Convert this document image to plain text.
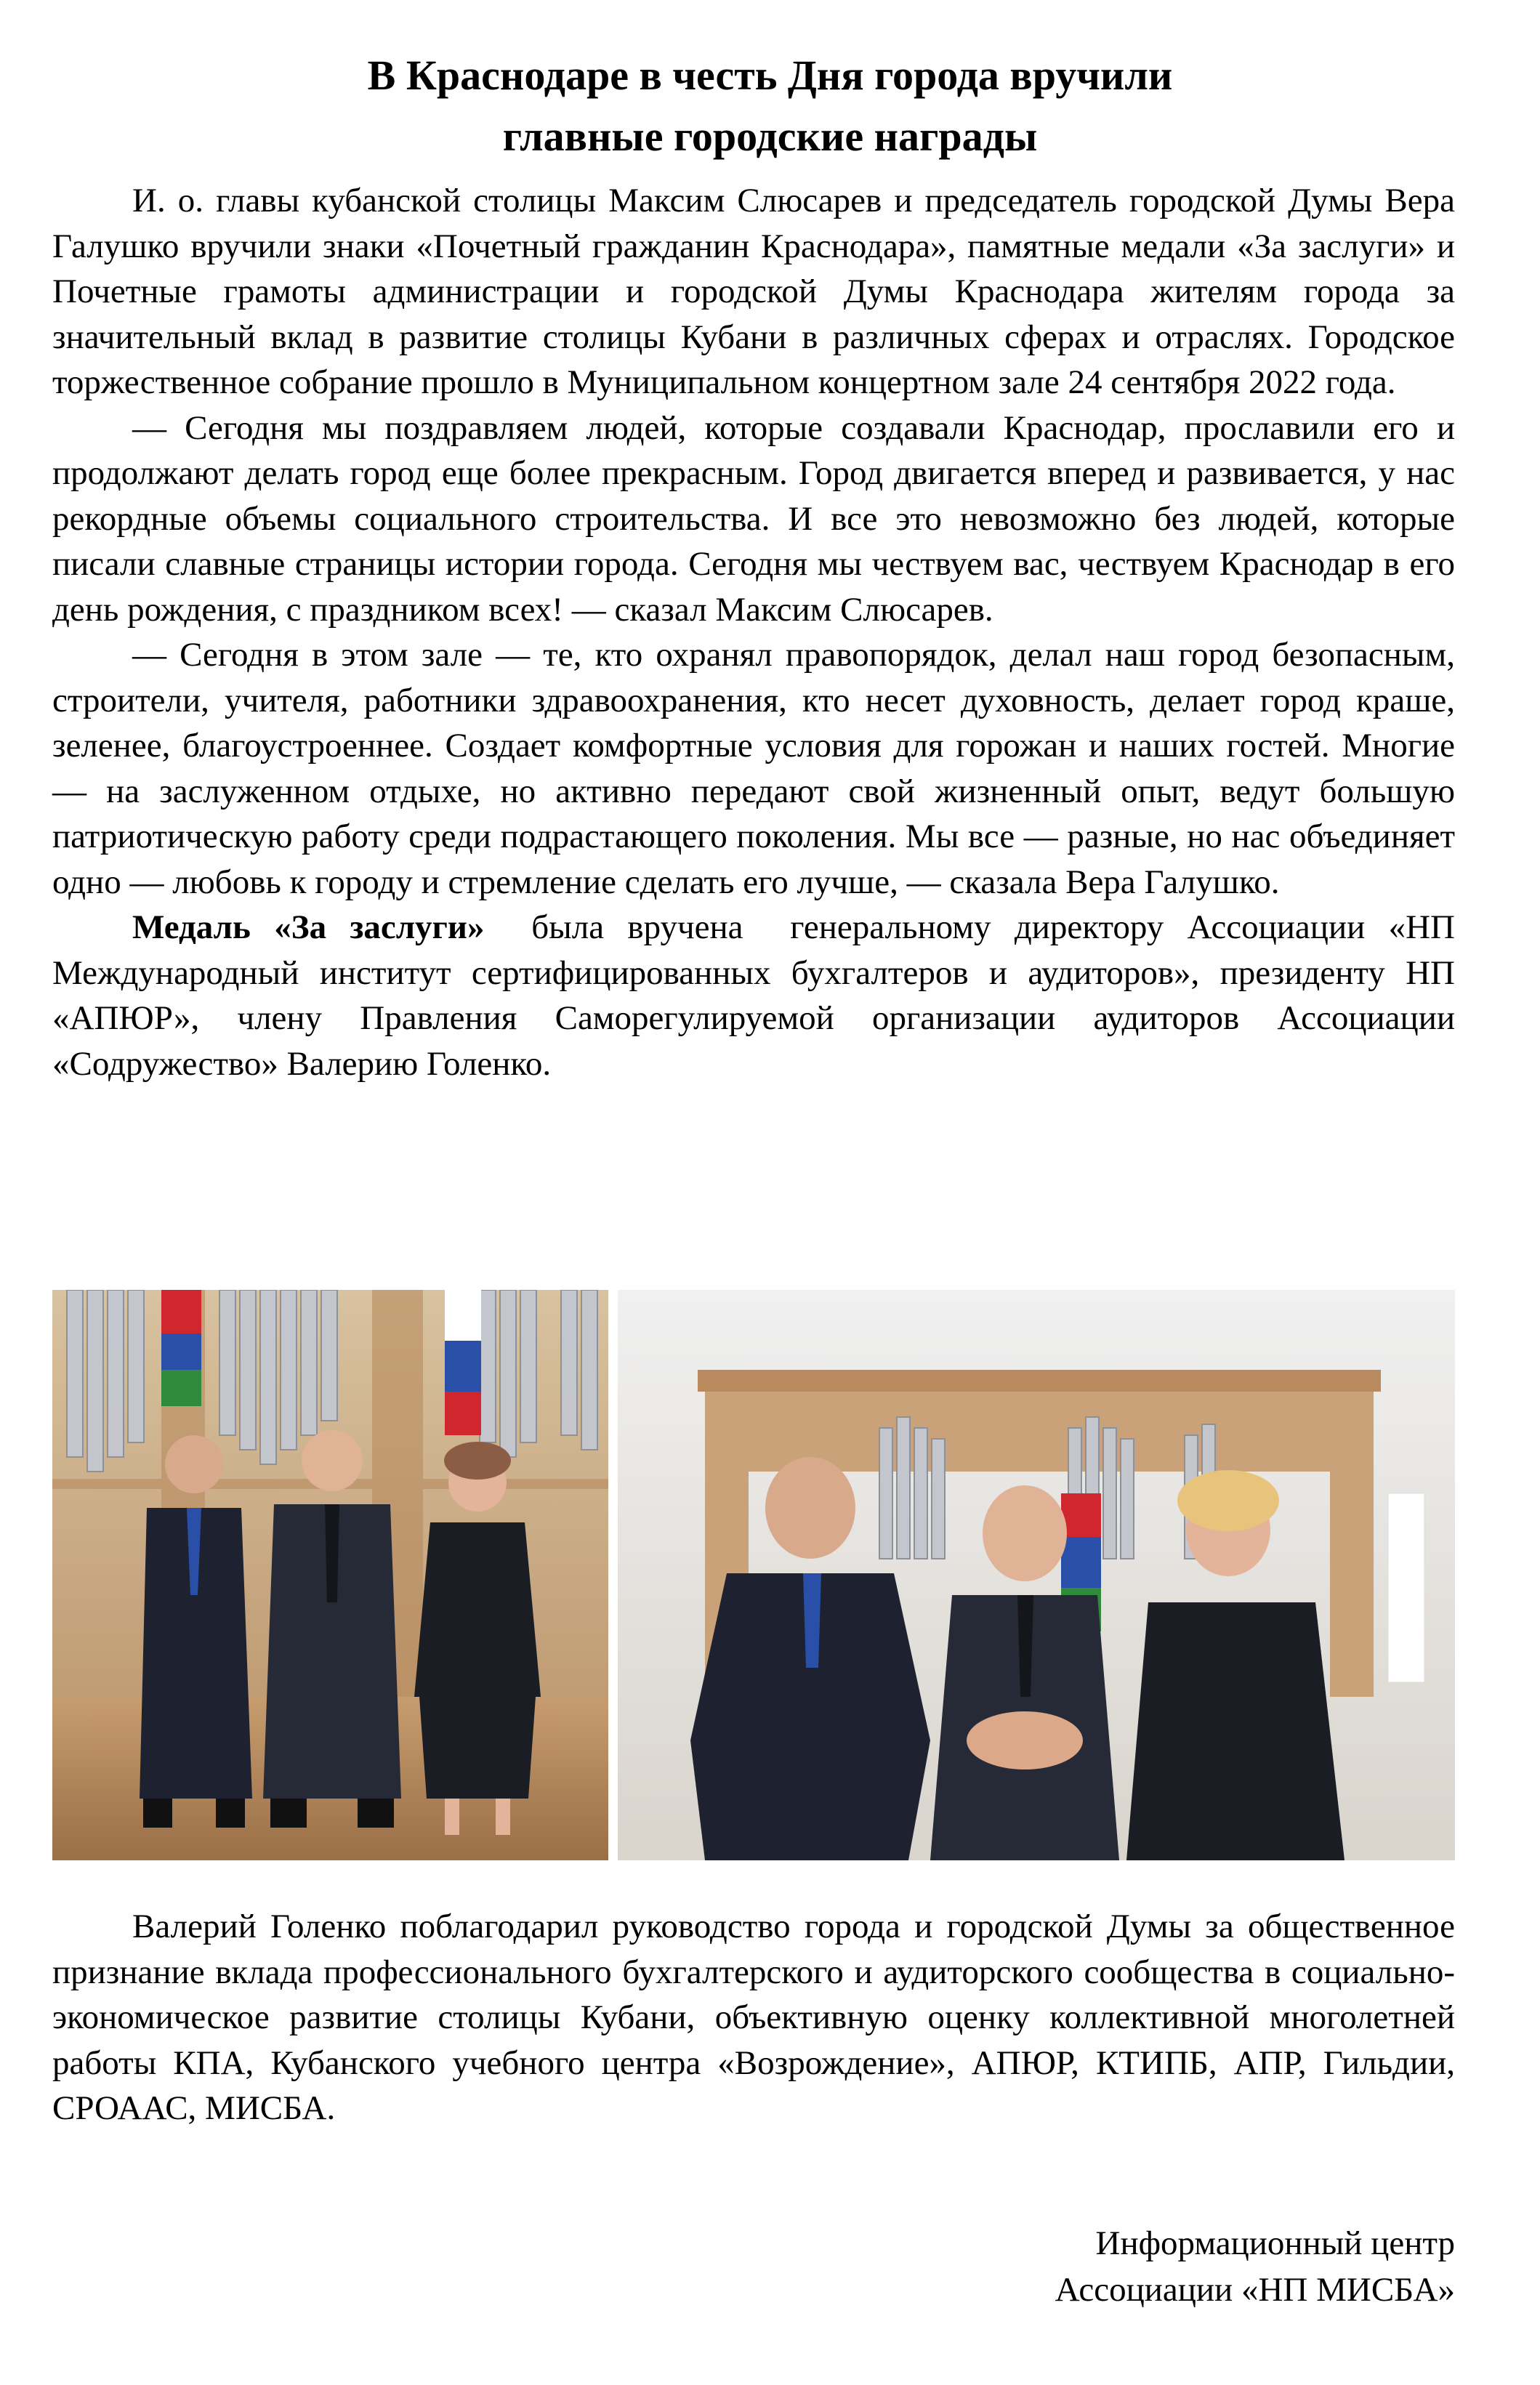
В Краснодаре в честь Дня города вручили
главные городские награды

И. о. главы кубанской столицы Максим Слюсарев и председатель городской Думы Вера Галушко вручили знаки «Почетный гражданин Краснодара», памятные медали «За заслуги» и Почетные грамоты администрации и городской Думы Краснодара жителям города за значительный вклад в развитие столицы Кубани в различных сферах и отраслях. Городское торжественное собрание прошло в Муниципальном концертном зале 24 сентября 2022 года.

— Сегодня мы поздравляем людей, которые создавали Краснодар, прославили его и продолжают делать город еще более прекрасным. Город двигается вперед и развивается, у нас рекордные объемы социального строительства. И все это невозможно без людей, которые писали славные страницы истории города. Сегодня мы чествуем вас, чествуем Краснодар в его день рождения, с праздником всех! — сказал Максим Слюсарев.

— Сегодня в этом зале — те, кто охранял правопорядок, делал наш город безопасным, строители, учителя, работники здравоохранения, кто несет духовность, делает город краше, зеленее, благоустроеннее. Создает комфортные условия для горожан и наших гостей. Многие — на заслуженном отдыхе, но активно передают свой жизненный опыт, ведут большую патриотическую работу среди подрастающего поколения. Мы все — разные, но нас объединяет одно — любовь к городу и стремление сделать его лучше, — сказала Вера Галушко.

Медаль «За заслуги»  была вручена  генеральному директору Ассоциации «НП Международный институт сертифицированных бухгалтеров и аудиторов», президенту НП «АПЮР», члену Правления Саморегулируемой организации аудиторов Ассоциации «Содружество» Валерию Голенко.

Валерий Голенко поблагодарил руководство города и городской Думы за общественное признание вклада профессионального бухгалтерского и аудиторского сообщества в социально-экономическое развитие столицы Кубани, объективную оценку коллективной многолетней работы КПА, Кубанского учебного центра «Возрождение», АПЮР, КТИПБ, АПР, Гильдии, СРОААС, МИСБА.

Информационный центр
Ассоциации «НП МИСБА»
